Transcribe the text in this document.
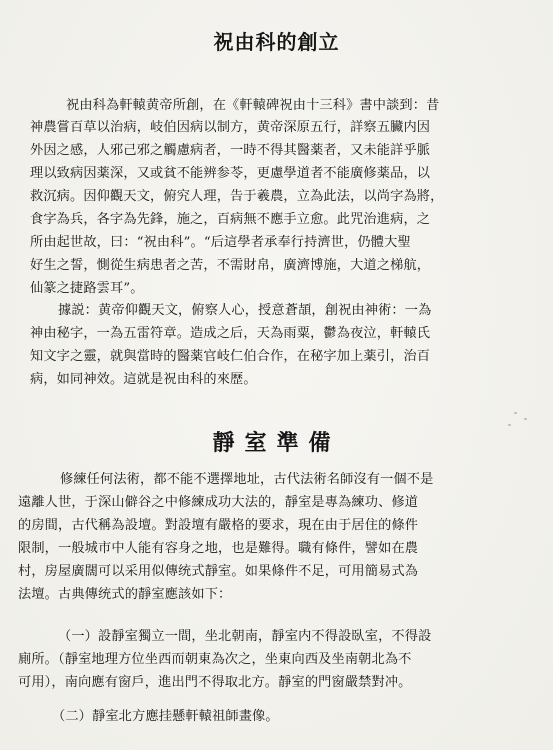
祝由科的創立
祝由科為軒轅黄帝所創，在《軒轅碑祝由十三科》書中談到：昔
神農嘗百草以治病，岐伯因病以制方，黄帝深原五行，詳察五臟内因
外因之感，人邪己邪之觸慮病者，一時不得其醫薬者，又未能詳乎脈
理以致病因薬深，又或貧不能辨参苓，更慮學道者不能廣修薬品，以
救沉病。因仰觀天文，俯究人理，告于羲農，立為此法，以尚字為將，
食字為兵，各字為先鋒，施之，百病無不應手立愈。此咒治進病，之
所由起世故，曰：“祝由科”。“后這學者承奉行持濟世，仍體大聖
好生之誓，惻從生病患者之苦，不需財帛，廣濟博施，大道之梯航，
仙篆之捷路雲耳”。
據説：黄帝仰觀天文，俯察人心，授意蒼頡，創祝由神術：一為
神由秘字，一為五雷符章。造成之后，天為雨粟，鬱為夜泣，軒轅氏
知文字之靈，就與當時的醫薬官岐仁伯合作，在秘字加上薬引，治百
病，如同神效。這就是祝由科的來歷。
靜室準備
修練任何法術，都不能不選擇地址，古代法術名師沒有一個不是
遠離人世，于深山僻谷之中修練成功大法的，靜室是專為練功、修道
的房間，古代稱為設壇。對設壇有嚴格的要求，現在由于居住的條件
限制，一般城市中人能有容身之地，也是難得。職有條件，譬如在農
村，房屋廣闊可以采用似傳统式靜室。如果條件不足，可用簡易式為
法壇。古典傳统式的靜室應該如下：
（一）設靜室獨立一間，坐北朝南，靜室内不得設臥室，不得設
廁所。（靜室地理方位坐西而朝東為次之，坐東向西及坐南朝北為不
可用），南向應有窗戶，進出門不得取北方。靜室的門窗嚴禁對冲。
（二）靜室北方應挂懸軒轅祖師畫像。
